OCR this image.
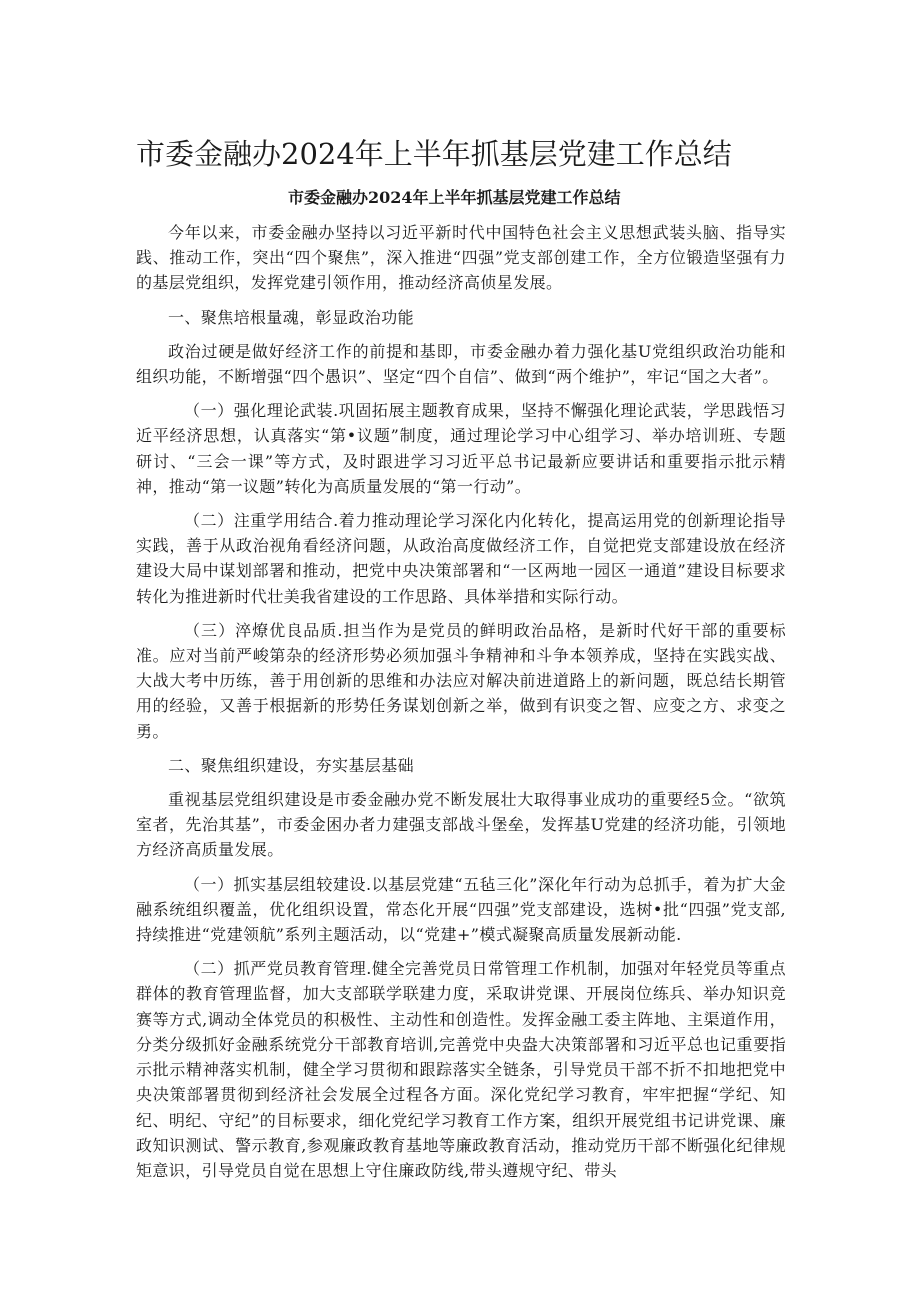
市委金融办2024年上半年抓基层党建工作总结
市委金融办2024年上半年抓基层党建工作总结

今年以来，市委金融办坚持以习近平新时代中国特色社会主义思想武装头脑、指导实践、推动工作，突出“四个聚焦”，深入推进“四强”党支部创建工作，全方位锻造坚强有力的基层党组织，发挥党建引领作用，推动经济高侦星发展。

一、聚焦培根量魂，彰显政治功能

政治过硬是做好经济工作的前提和基即，市委金融办着力强化基U党组织政治功能和组织功能，不断增强“四个愚识”、坚定“四个自信”、做到“两个维护”，牢记“国之大者”。

（一）强化理论武装.巩固拓展主题教育成果，坚持不懈强化理论武装，学思践悟习近平经济思想，认真落实“第•议题”制度，通过理论学习中心组学习、举办培训班、专题研讨、“三会一课”等方式，及时跟进学习习近平总书记最新应要讲话和重要指示批示精神，推动“第一议题”转化为高质量发展的“第一行动”。

（二）注重学用结合.着力推动理论学习深化内化转化，提高运用党的创新理论指导实践，善于从政治视角看经济问题，从政治高度做经济工作，自觉把党支部建设放在经济建设大局中谋划部署和推动，把党中央决策部署和“一区两地一园区一通道”建设目标要求转化为推进新时代壮美我省建设的工作思路、具体举措和实际行动。

（三）淬燎优良品质.担当作为是党员的鲜明政治品格，是新时代好干部的重要标准。应对当前严峻第杂的经济形势必须加强斗争精神和斗争本领养成，坚持在实践实战、大战大考中历练，善于用创新的思维和办法应对解决前进道路上的新问题，既总结长期管用的经验，又善于根据新的形势任务谋划创新之举，做到有识变之智、应变之方、求变之勇。

二、聚焦组织建设，夯实基层基础

重视基层党组织建设是市委金融办党不断发展壮大取得事业成功的重要经5佥。“欲筑室者，先治其基”，市委金困办者力建强支部战斗堡垒，发挥基U党建的经济功能，引领地方经济高质量发展。

（一）抓实基层组较建设.以基层党建“五毡三化”深化年行动为总抓手，着为扩大金融系统组织覆盖，优化组织设置，常态化开展“四强”党支部建设，选树•批“四强”党支部,持续推进“党建领航”系列主题活动，以“党建+”模式凝聚高质量发展新动能.

（二）抓严党员教育管理.健全完善党员日常管理工作机制，加强对年轻党员等重点群体的教育管理监督，加大支部联学联建力度，采取讲党课、开展岗位练兵、举办知识竞赛等方式,调动全体党员的积极性、主动性和创造性。发挥金融工委主阵地、主渠道作用，分类分级抓好金融系统党分干部教育培训,完善党中央盎大决策部署和习近平总也记重要指示批示精神落实机制，健全学习贯彻和跟踪落实全链条，引导党员干部不折不扣地把党中央决策部署贯彻到经济社会发展全过程各方面。深化党纪学习教育，牢牢把握“学纪、知纪、明纪、守纪”的目标要求，细化党纪学习教育工作方案，组织开展党组书记讲党课、廉政知识测试、警示教育,参观廉政教育基地等廉政教育活动，推动党历干部不断强化纪律规矩意识，引导党员自觉在思想上守住廉政防线,带头遵规守纪、带头
